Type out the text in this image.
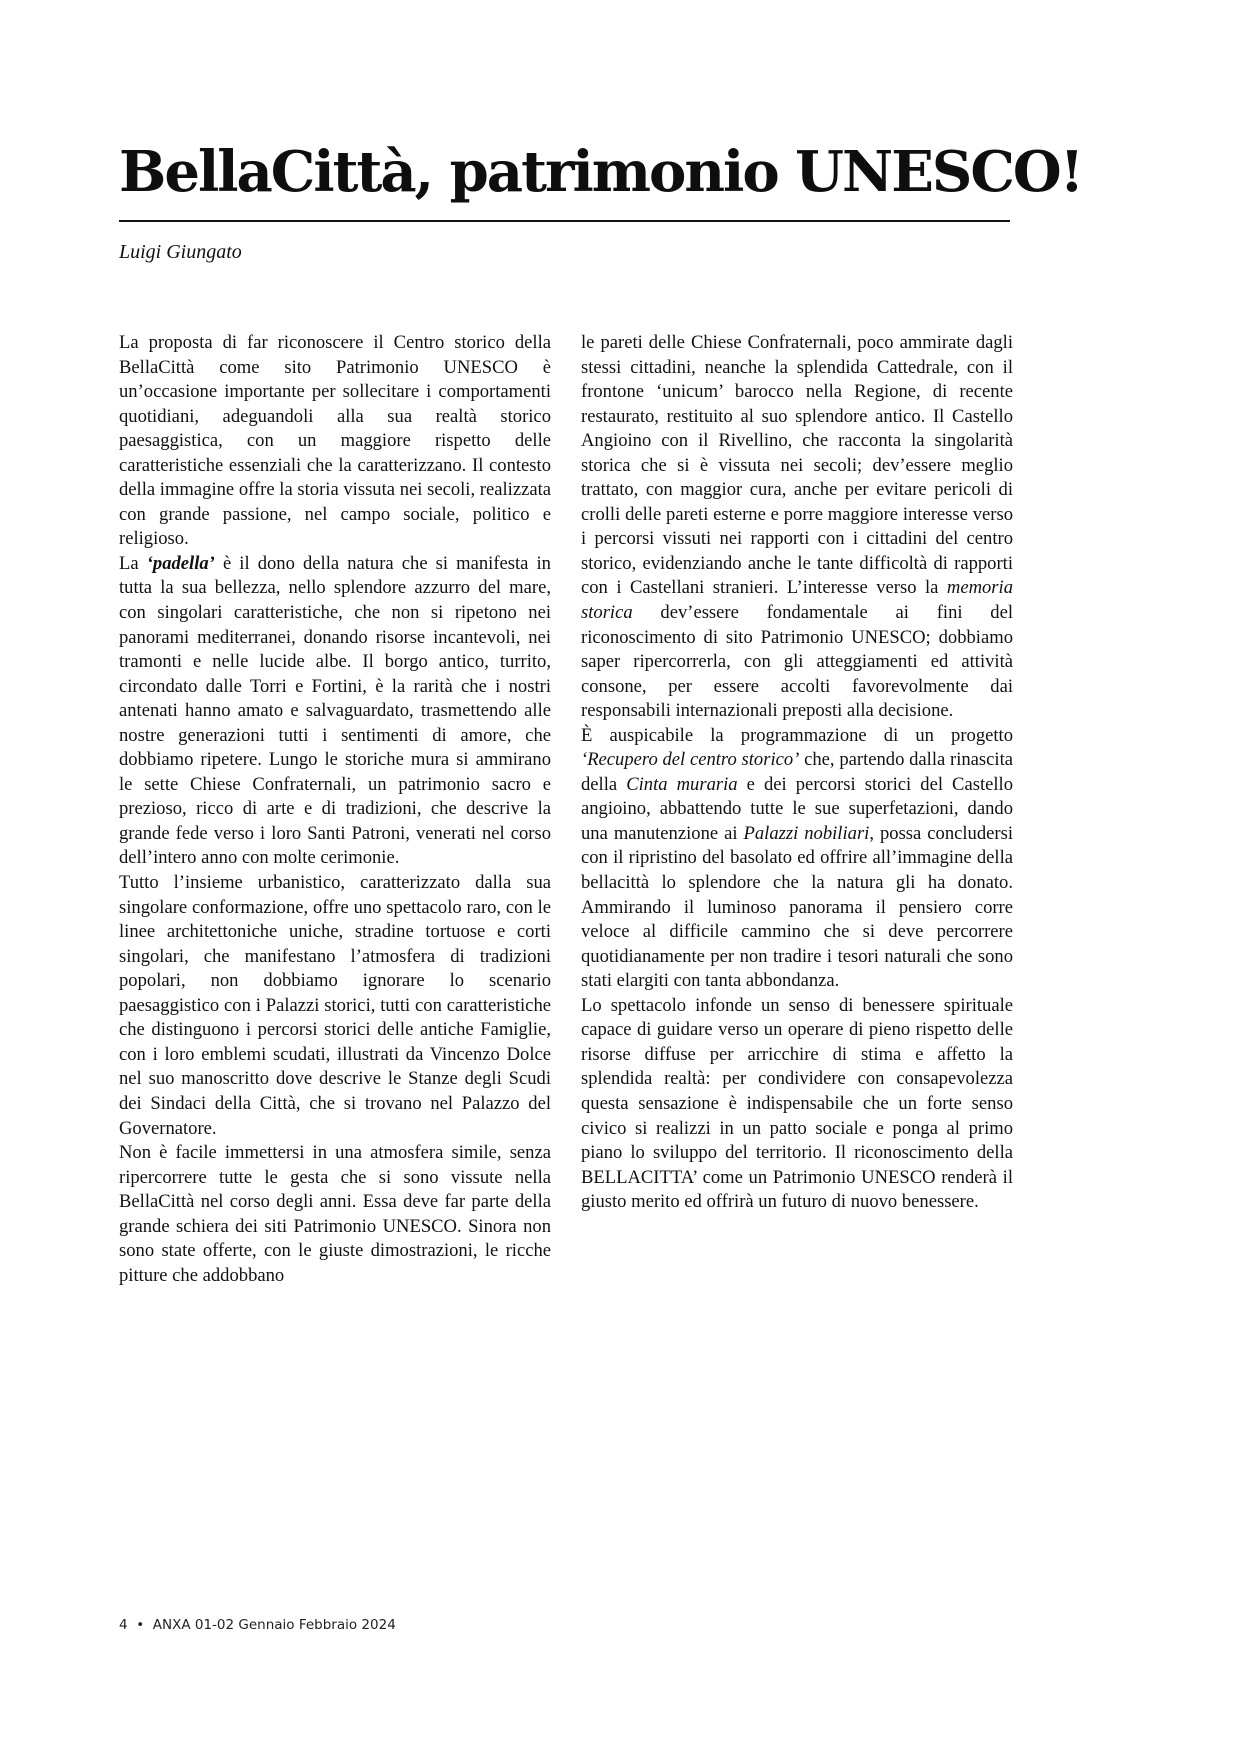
BellaCittà, patrimonio UNESCO!

Luigi Giungato

La proposta di far riconoscere il Centro storico della BellaCittà come sito Patrimonio UNESCO è un’occasione importante per sollecitare i comportamenti quotidiani, adeguandoli alla sua realtà storico paesaggistica, con un maggiore rispetto delle caratteristiche essenziali che la caratterizzano. Il contesto della immagine offre la storia vissuta nei secoli, realizzata con grande passione, nel campo sociale, politico e religioso.

La ‘padella’ è il dono della natura che si manifesta in tutta la sua bellezza, nello splendore azzurro del mare, con singolari caratteristiche, che non si ripetono nei panorami mediterranei, donando risorse incantevoli, nei tramonti e nelle lucide albe. Il borgo antico, turrito, circondato dalle Torri e Fortini, è la rarità che i nostri antenati hanno amato e salvaguardato, trasmettendo alle nostre generazioni tutti i sentimenti di amore, che dobbiamo ripetere. Lungo le storiche mura si ammirano le sette Chiese Confraternali, un patrimonio sacro e prezioso, ricco di arte e di tradizioni, che descrive la grande fede verso i loro Santi Patroni, venerati nel corso dell’intero anno con molte cerimonie.

Tutto l’insieme urbanistico, caratterizzato dalla sua singolare conformazione, offre uno spettacolo raro, con le linee architettoniche uniche, stradine tortuose e corti singolari, che manifestano l’atmosfera di tradizioni popolari, non dobbiamo ignorare lo scenario paesaggistico con i Palazzi storici, tutti con caratteristiche che distinguono i percorsi storici delle antiche Famiglie, con i loro emblemi scudati, illustrati da Vincenzo Dolce nel suo manoscritto dove descrive le Stanze degli Scudi dei Sindaci della Città, che si trovano nel Palazzo del Governatore.

Non è facile immettersi in una atmosfera simile, senza ripercorrere tutte le gesta che si sono vissute nella BellaCittà nel corso degli anni. Essa deve far parte della grande schiera dei siti Patrimonio UNESCO. Sinora non sono state offerte, con le giuste dimostrazioni, le ricche pitture che addobbano

le pareti delle Chiese Confraternali, poco ammirate dagli stessi cittadini, neanche la splendida Cattedrale, con il frontone ‘unicum’ barocco nella Regione, di recente restaurato, restituito al suo splendore antico. Il Castello Angioino con il Rivellino, che racconta la singolarità storica che si è vissuta nei secoli; dev’essere meglio trattato, con maggior cura, anche per evitare pericoli di crolli delle pareti esterne e porre maggiore interesse verso i percorsi vissuti nei rapporti con i cittadini del centro storico, evidenziando anche le tante difficoltà di rapporti con i Castellani stranieri. L’interesse verso la memoria storica dev’essere fondamentale ai fini del riconoscimento di sito Patrimonio UNESCO; dobbiamo saper ripercorrerla, con gli atteggiamenti ed attività consone, per essere accolti favorevolmente dai responsabili internazionali preposti alla decisione.

È auspicabile la programmazione di un progetto ‘Recupero del centro storico’ che, partendo dalla rinascita della Cinta muraria e dei percorsi storici del Castello angioino, abbattendo tutte le sue superfetazioni, dando una manutenzione ai Palazzi nobiliari, possa concludersi con il ripristino del basolato ed offrire all’immagine della bellacittà lo splendore che la natura gli ha donato. Ammirando il luminoso panorama il pensiero corre veloce al difficile cammino che si deve percorrere quotidianamente per non tradire i tesori naturali che sono stati elargiti con tanta abbondanza.

Lo spettacolo infonde un senso di benessere spirituale capace di guidare verso un operare di pieno rispetto delle risorse diffuse per arricchire di stima e affetto la splendida realtà: per condividere con consapevolezza questa sensazione è indispensabile che un forte senso civico si realizzi in un patto sociale e ponga al primo piano lo sviluppo del territorio. Il riconoscimento della BELLACITTA’ come un Patrimonio UNESCO renderà il giusto merito ed offrirà un futuro di nuovo benessere.

4 • ANXA 01-02 Gennaio Febbraio 2024
